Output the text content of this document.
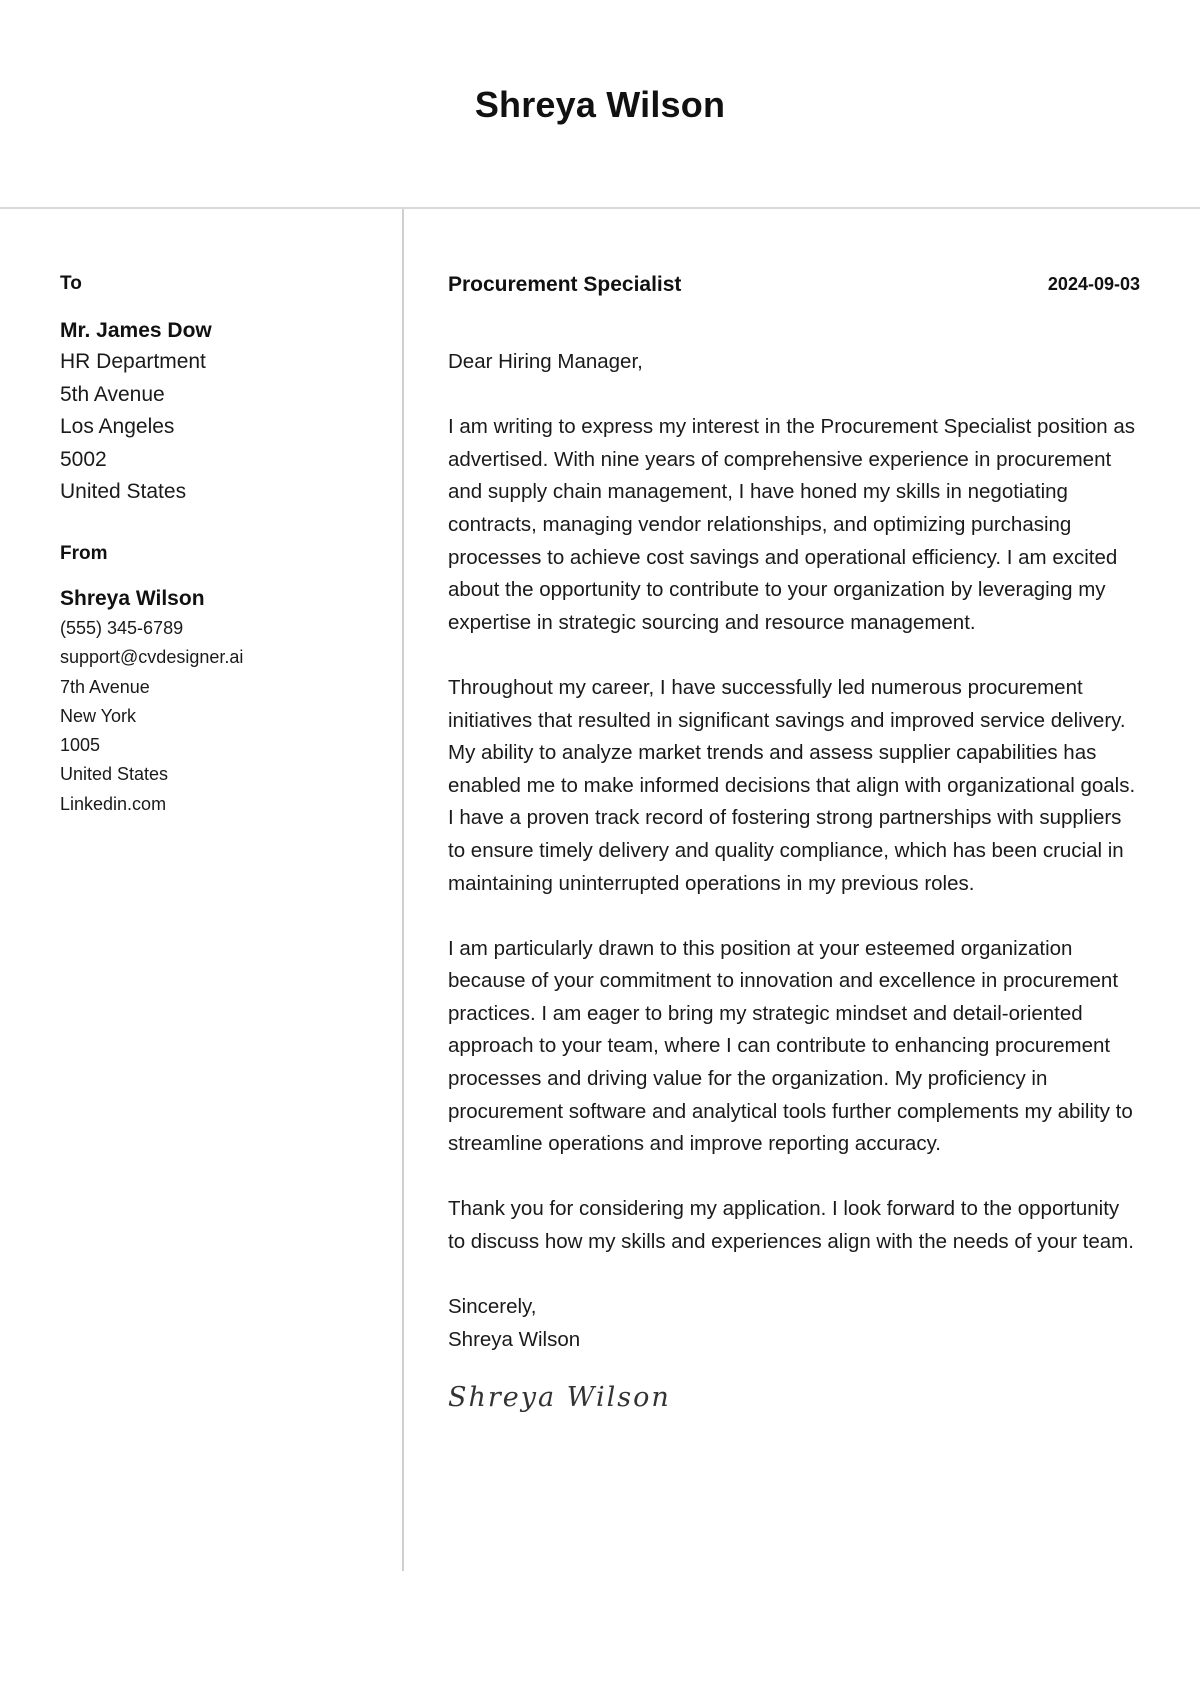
Shreya Wilson
To
Mr. James Dow
HR Department
5th Avenue
Los Angeles
5002
United States
From
Shreya Wilson
(555) 345-6789
support@cvdesigner.ai
7th Avenue
New York
1005
United States
Linkedin.com
Procurement Specialist	2024-09-03

Dear Hiring Manager,

I am writing to express my interest in the Procurement Specialist position as advertised. With nine years of comprehensive experience in procurement and supply chain management, I have honed my skills in negotiating contracts, managing vendor relationships, and optimizing purchasing processes to achieve cost savings and operational efficiency. I am excited about the opportunity to contribute to your organization by leveraging my expertise in strategic sourcing and resource management.

Throughout my career, I have successfully led numerous procurement initiatives that resulted in significant savings and improved service delivery. My ability to analyze market trends and assess supplier capabilities has enabled me to make informed decisions that align with organizational goals. I have a proven track record of fostering strong partnerships with suppliers to ensure timely delivery and quality compliance, which has been crucial in maintaining uninterrupted operations in my previous roles.

I am particularly drawn to this position at your esteemed organization because of your commitment to innovation and excellence in procurement practices. I am eager to bring my strategic mindset and detail-oriented approach to your team, where I can contribute to enhancing procurement processes and driving value for the organization. My proficiency in procurement software and analytical tools further complements my ability to streamline operations and improve reporting accuracy.

Thank you for considering my application. I look forward to the opportunity to discuss how my skills and experiences align with the needs of your team.

Sincerely,
Shreya Wilson
Shreya Wilson
